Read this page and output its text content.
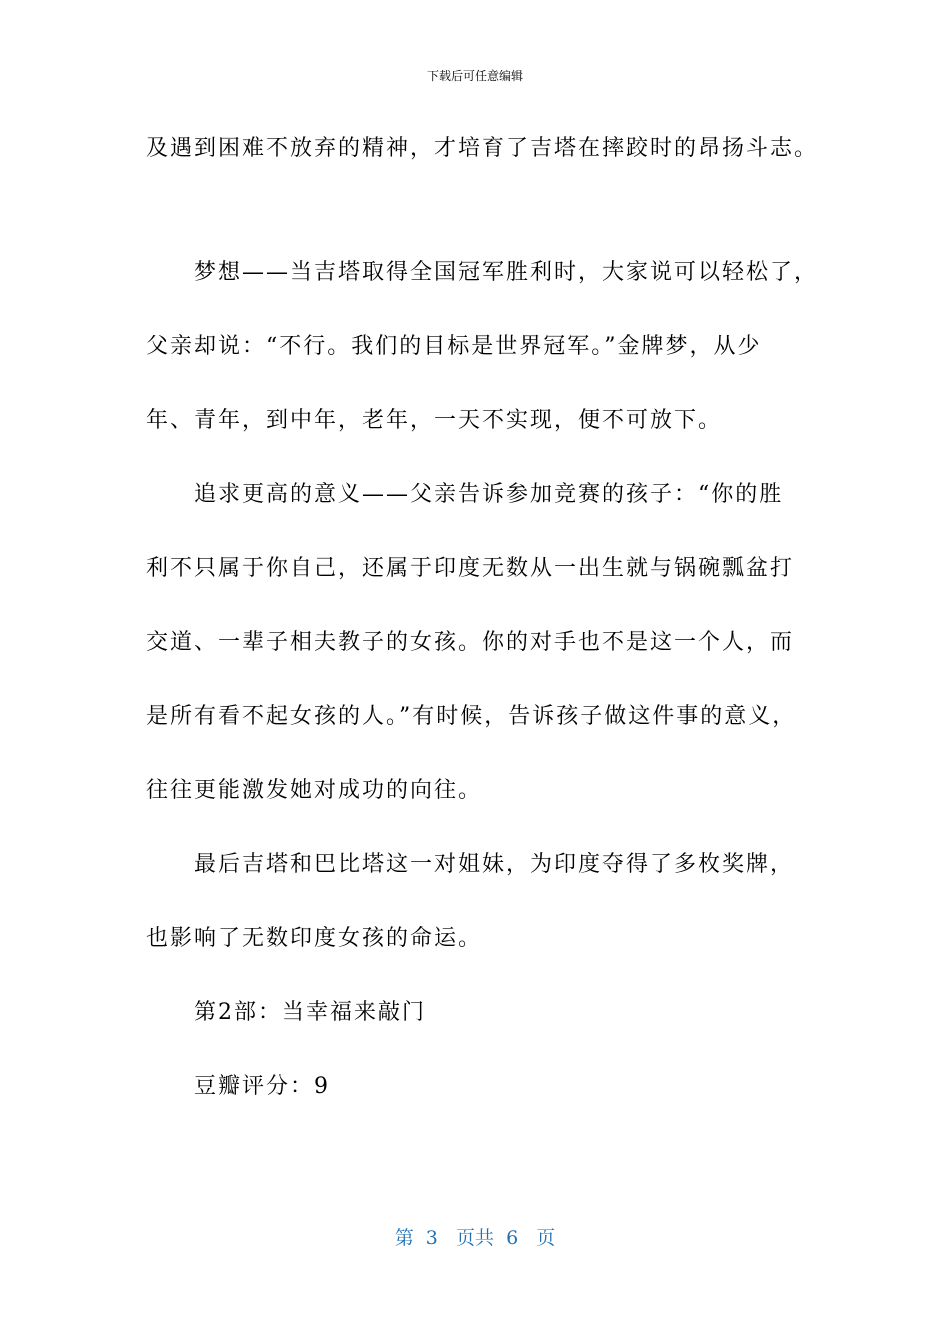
下载后可任意编辑

及遇到困难不放弃的精神，才培育了吉塔在摔跤时的昂扬斗志。

梦想——当吉塔取得全国冠军胜利时，大家说可以轻松了，

父亲却说：“不行。我们的目标是世界冠军。”金牌梦，从少

年、青年，到中年，老年，一天不实现，便不可放下。

追求更高的意义——父亲告诉参加竞赛的孩子：“你的胜

利不只属于你自己，还属于印度无数从一出生就与锅碗瓢盆打

交道、一辈子相夫教子的女孩。你的对手也不是这一个人，而

是所有看不起女孩的人。”有时候，告诉孩子做这件事的意义，

往往更能激发她对成功的向往。

最后吉塔和巴比塔这一对姐妹，为印度夺得了多枚奖牌，

也影响了无数印度女孩的命运。

第2部：当幸福来敲门

豆瓣评分：9

第  3   页共  6   页
